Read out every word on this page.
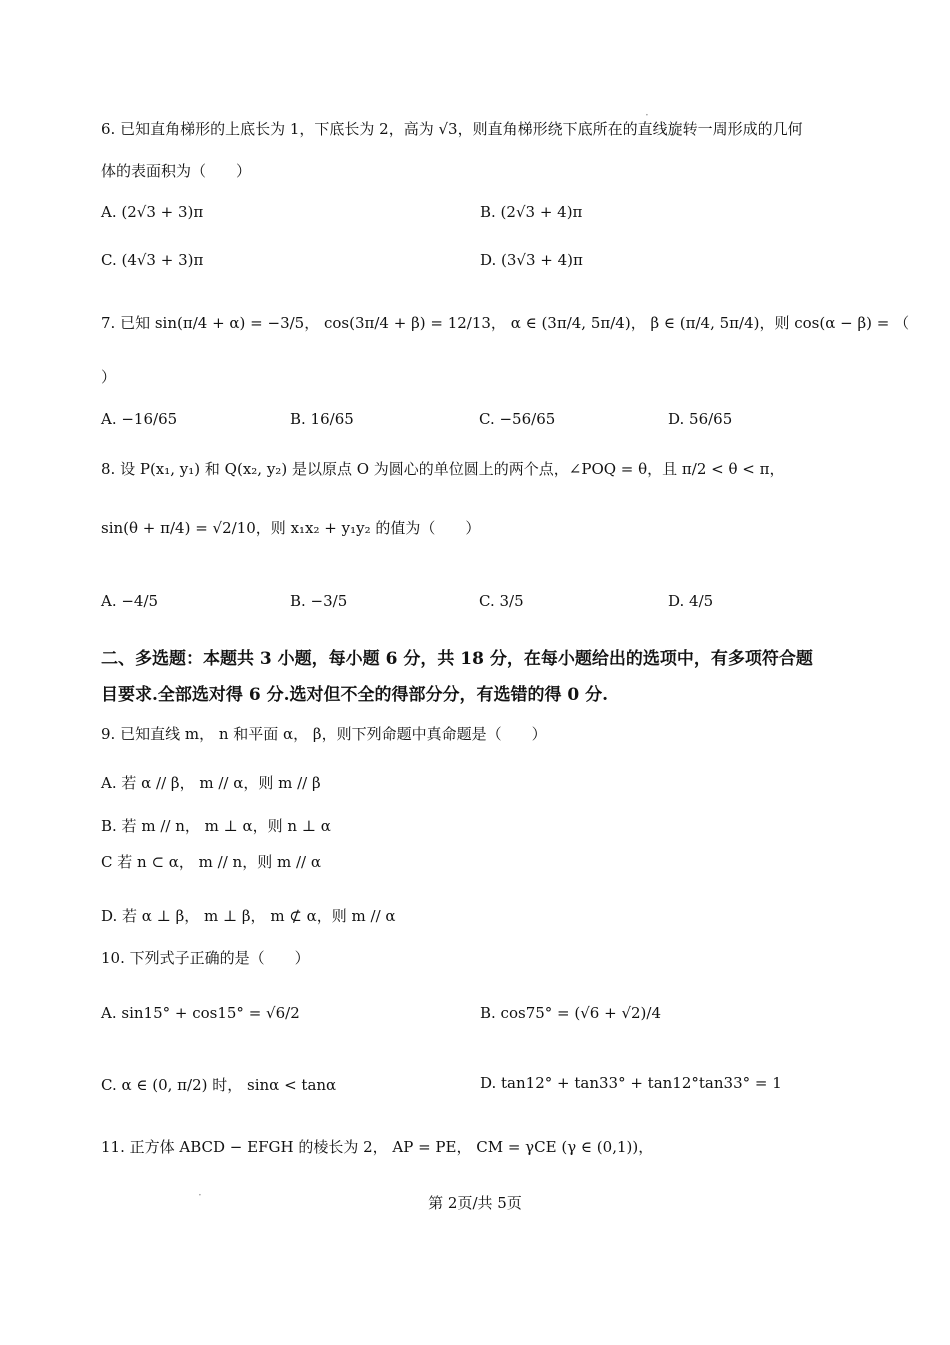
·
6. 已知直角梯形的上底长为 1，下底长为 2，高为 √3，则直角梯形绕下底所在的直线旋转一周形成的几何
体的表面积为（　　）
A. (2√3 + 3)π	B. (2√3 + 4)π
C. (4√3 + 3)π	D. (3√3 + 4)π
7. 已知 sin(π/4 + α) = −3/5， cos(3π/4 + β) = 12/13， α ∈ (3π/4, 5π/4)， β ∈ (π/4, 5π/4)，则 cos(α − β) = （
）
A. −16/65	B. 16/65	C. −56/65	D. 56/65
8. 设 P(x₁, y₁) 和 Q(x₂, y₂) 是以原点 O 为圆心的单位圆上的两个点，∠POQ = θ，且 π/2 < θ < π，
sin(θ + π/4) = √2/10，则 x₁x₂ + y₁y₂ 的值为（　　）
A. −4/5	B. −3/5	C. 3/5	D. 4/5
二、多选题：本题共 3 小题，每小题 6 分，共 18 分，在每小题给出的选项中，有多项符合题
目要求.全部选对得 6 分.选对但不全的得部分分，有选错的得 0 分.
9. 已知直线 m， n 和平面 α， β，则下列命题中真命题是（　　）
A. 若 α // β， m // α，则 m // β
B. 若 m // n， m ⊥ α，则 n ⊥ α
C 若 n ⊂ α， m // n，则 m // α
D. 若 α ⊥ β， m ⊥ β， m ⊄ α，则 m // α
10. 下列式子正确的是（　　）
A. sin15° + cos15° = √6/2	B. cos75° = (√6 + √2)/4
C. α ∈ (0, π/2) 时， sinα < tanα	D. tan12° + tan33° + tan12°tan33° = 1
11. 正方体 ABCD − EFGH 的棱长为 2， AP = PE， CM = γCE (γ ∈ (0,1))，
·	第 2页/共 5页
